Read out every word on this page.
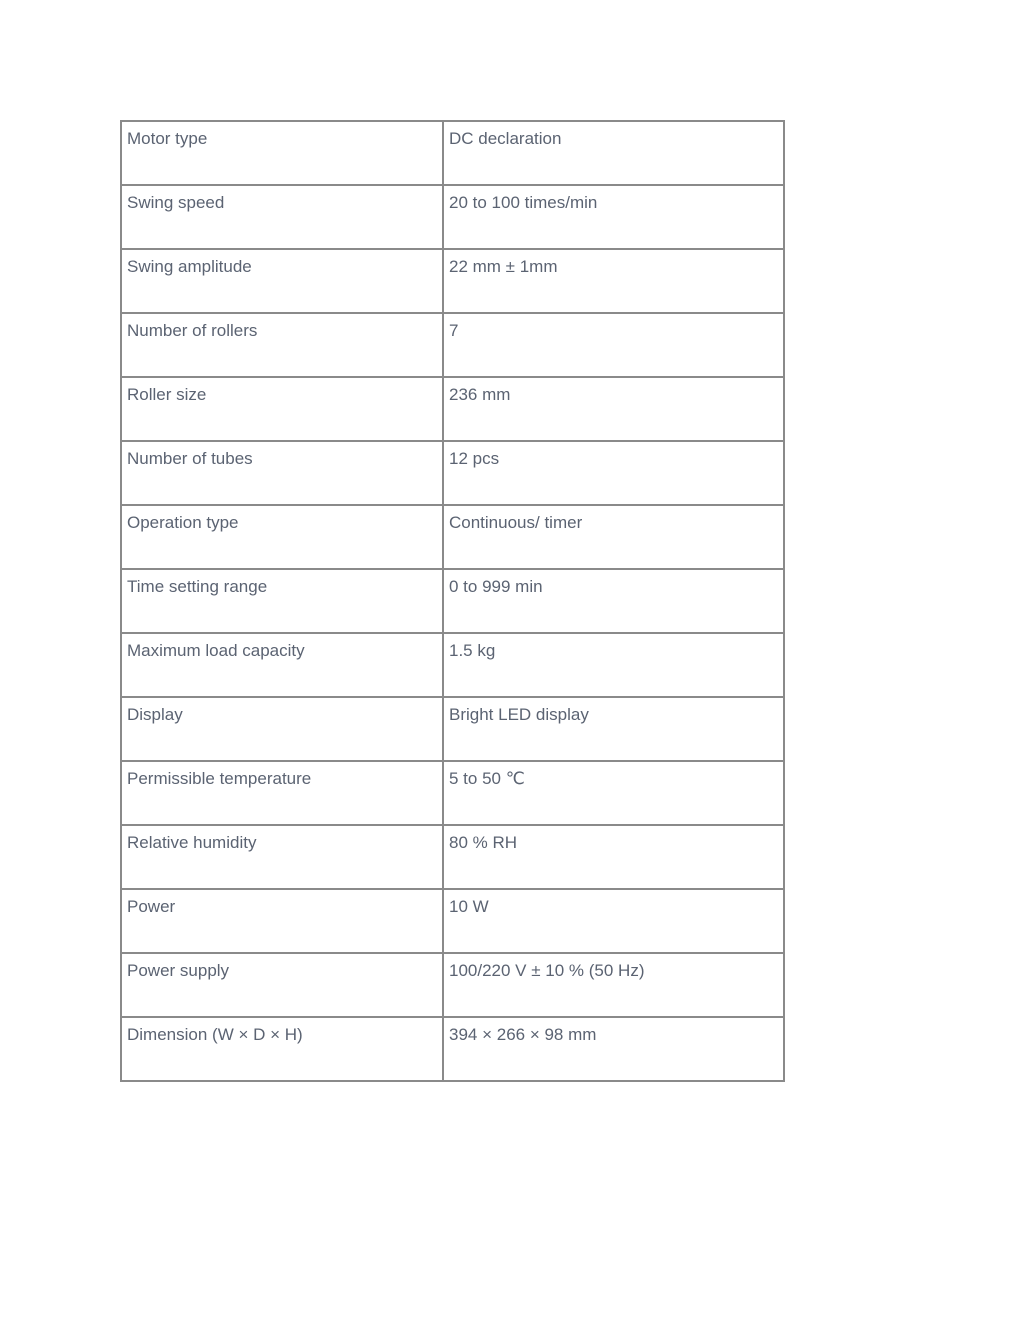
Motor type	DC declaration
Swing speed	20 to 100 times/min
Swing amplitude	22 mm ± 1mm
Number of rollers	7
Roller size	236 mm
Number of tubes	12 pcs
Operation type	Continuous/ timer
Time setting range	0 to 999 min
Maximum load capacity	1.5 kg
Display	Bright LED display
Permissible temperature	5 to 50 ℃
Relative humidity	80 % RH
Power	10 W
Power supply	100/220 V ± 10 % (50 Hz)
Dimension (W × D × H)	394 × 266 × 98 mm
